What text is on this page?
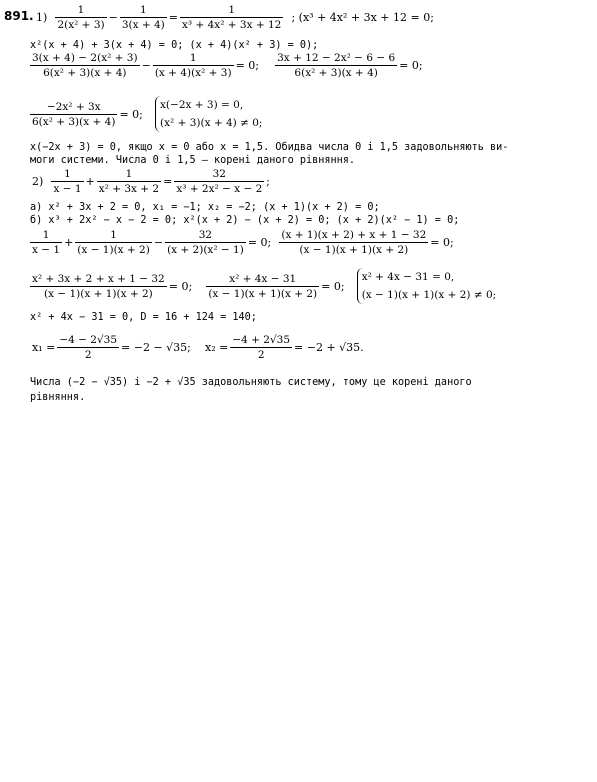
891. $1) \frac{1}{\text{2(x² + 3)}} - \frac{1}{3(x + 4)} = \frac{1}{\text{x³ + 4x² + 3x + 12}}$ ; (x³ + 4x² + 3x + 12 = 0;
x²(x + 4) + 3(x + 4) = 0; (x + 4)(x² + 3) = 0);
$\frac{\text{3(x + 4) − 2(x² + 3)}}{\text{6(x² + 3)(x + 4)}} - \frac{1}{\text{(x + 4)(x² + 3)}} = 0$; $\frac{\text{3x + 12 − 2x² − 6 − 6}}{\text{6(x² + 3)(x + 4)}} = 0$;
$\frac{\text{−2x² + 3x}}{\text{6(x² + 3)(x + 4)}} = 0$;
x(−2x + 3) = 0,
(x² + 3)(x + 4) ≠ 0;
x(−2x + 3) = 0, якщо x = 0 або x = 1,5. Обидва числа 0 і 1,5 задовольняють ви-
моги системи. Числа 0 і 1,5 — корені даного рівняння.
$2) \frac{1}{x - 1} + \frac{1}{\text{x² + 3x + 2}} = \frac{32}{\text{x³ + 2x² − x − 2}}$ ;
а) x² + 3x + 2 = 0, x₁ = −1; x₂ = −2; (x + 1)(x + 2) = 0;
б) x³ + 2x² − x − 2 = 0; x²(x + 2) − (x + 2) = 0; (x + 2)(x² − 1) = 0;
$\frac{1}{x - 1} + \frac{1}{(x - 1)(x + 2)} - \frac{32}{\text{(x + 2)(x² − 1)}} = 0$; $\frac{(x + 1)(x + 2) + x + 1 - 32}{(x - 1)(x + 1)(x + 2)} = 0$;
$\frac{\text{x² + 3x + 2 + x + 1 − 32}}{(x - 1)(x + 1)(x + 2)} = 0$; $\frac{\text{x² + 4x − 31}}{(x - 1)(x + 1)(x + 2)} = 0$;
x² + 4x − 31 = 0,
(x − 1)(x + 1)(x + 2) ≠ 0;
x² + 4x − 31 = 0, D = 16 + 124 = 140;
$x_1 = \frac{-4 - 2√35}{2} = -2 - √35$; $x_2 = \frac{-4 + 2√35}{2} = -2 + √35$.
Числа (−2 − √35) і −2 + √35 задовольняють систему, тому це корені даного
рівняння.
